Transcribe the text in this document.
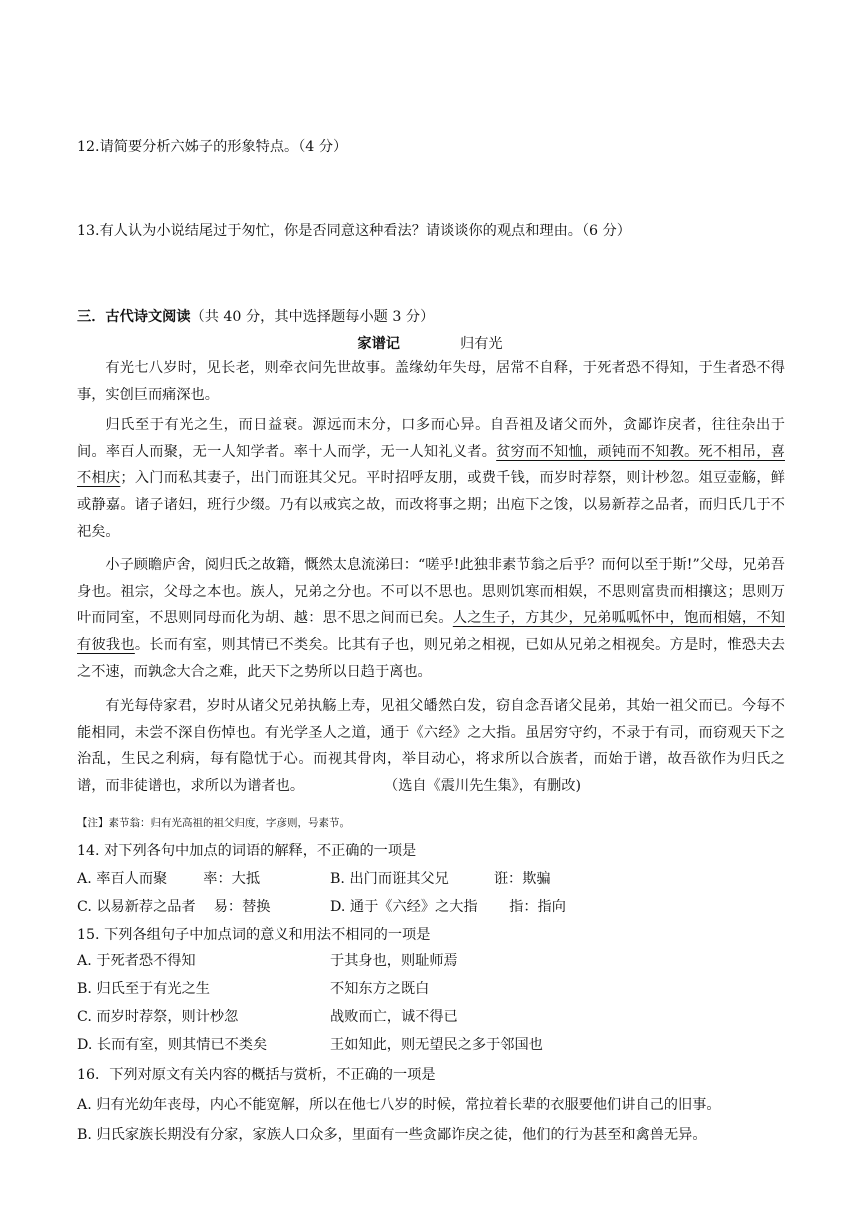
12.请简要分析六姊子的形象特点。（4 分）
13.有人认为小说结尾过于匆忙，你是否同意这种看法？请谈谈你的观点和理由。（6 分）
三．古代诗文阅读（共 40 分，其中选择题每小题 3 分）
家谱记	归有光
有光七八岁时，见长老，则牵衣问先世故事。盖缘幼年失母，居常不自释，于死者恐不得知，于生者恐不得事，实创巨而痛深也。
归氏至于有光之生，而日益衰。源远而末分，口多而心异。自吾祖及诸父而外，贪鄙诈戾者，往往杂出于间。率百人而聚，无一人知学者。率十人而学，无一人知礼义者。贫穷而不知恤，顽钝而不知教。死不相吊，喜不相庆；入门而私其妻子，出门而诳其父兄。平时招呼友朋，或费千钱，而岁时荐祭，则计杪忽。俎豆壶觞，鲜或静嘉。诸子诸妇，班行少缀。乃有以戒宾之故，而改将事之期；出庖下之馂，以易新荐之品者，而归氏几于不祀矣。
小子顾瞻庐舍，阅归氏之故籍，慨然太息流涕曰：“嗟乎!此独非素节翁之后乎？而何以至于斯!”父母，兄弟吾身也。祖宗，父母之本也。族人，兄弟之分也。不可以不思也。思则饥寒而相娱，不思则富贵而相攘这；思则万叶而同室，不思则同母而化为胡、越：思不思之间而已矣。人之生子，方其少，兄弟呱呱怀中，饱而相嬉，不知有彼我也。长而有室，则其情已不类矣。比其有子也，则兄弟之相视，已如从兄弟之相视矣。方是时，惟恐夫去之不速，而孰念大合之难，此天下之势所以日趋于离也。
有光每侍家君，岁时从诸父兄弟执觞上寿，见祖父皤然白发，窃自念吾诸父昆弟，其始一祖父而已。今每不能相同，未尝不深自伤悼也。有光学圣人之道，通于《六经》之大指。虽居穷守约，不录于有司，而窃观天下之治乱，生民之利病，每有隐忧于心。而视其骨肉，举目动心，将求所以合族者，而始于谱，故吾欲作为归氏之谱，而非徒谱也，求所以为谱者也。	（选自《震川先生集》，有删改)
【注】素节翁：归有光高祖的祖父归度，字彦则，号素节。
14. 对下列各句中加点的词语的解释，不正确的一项是
A. 率百人而聚        率：大抵	B. 出门而诳其父兄          诳：欺骗
C. 以易新荐之品者    易：替换	D. 通于《六经》之大指       指：指向
15. 下列各组句子中加点词的意义和用法不相同的一项是
A. 于死者恐不得知	于其身也，则耻师焉
B. 归氏至于有光之生	不知东方之既白
C. 而岁时荐祭，则计杪忽	战败而亡，诚不得已
D. 长而有室，则其情已不类矣	王如知此，则无望民之多于邻国也
16．下列对原文有关内容的概括与赏析，不正确的一项是
A. 归有光幼年丧母，内心不能宽解，所以在他七八岁的时候，常拉着长辈的衣服要他们讲自己的旧事。
B. 归氏家族长期没有分家，家族人口众多，里面有一些贪鄙诈戾之徒，他们的行为甚至和禽兽无异。
